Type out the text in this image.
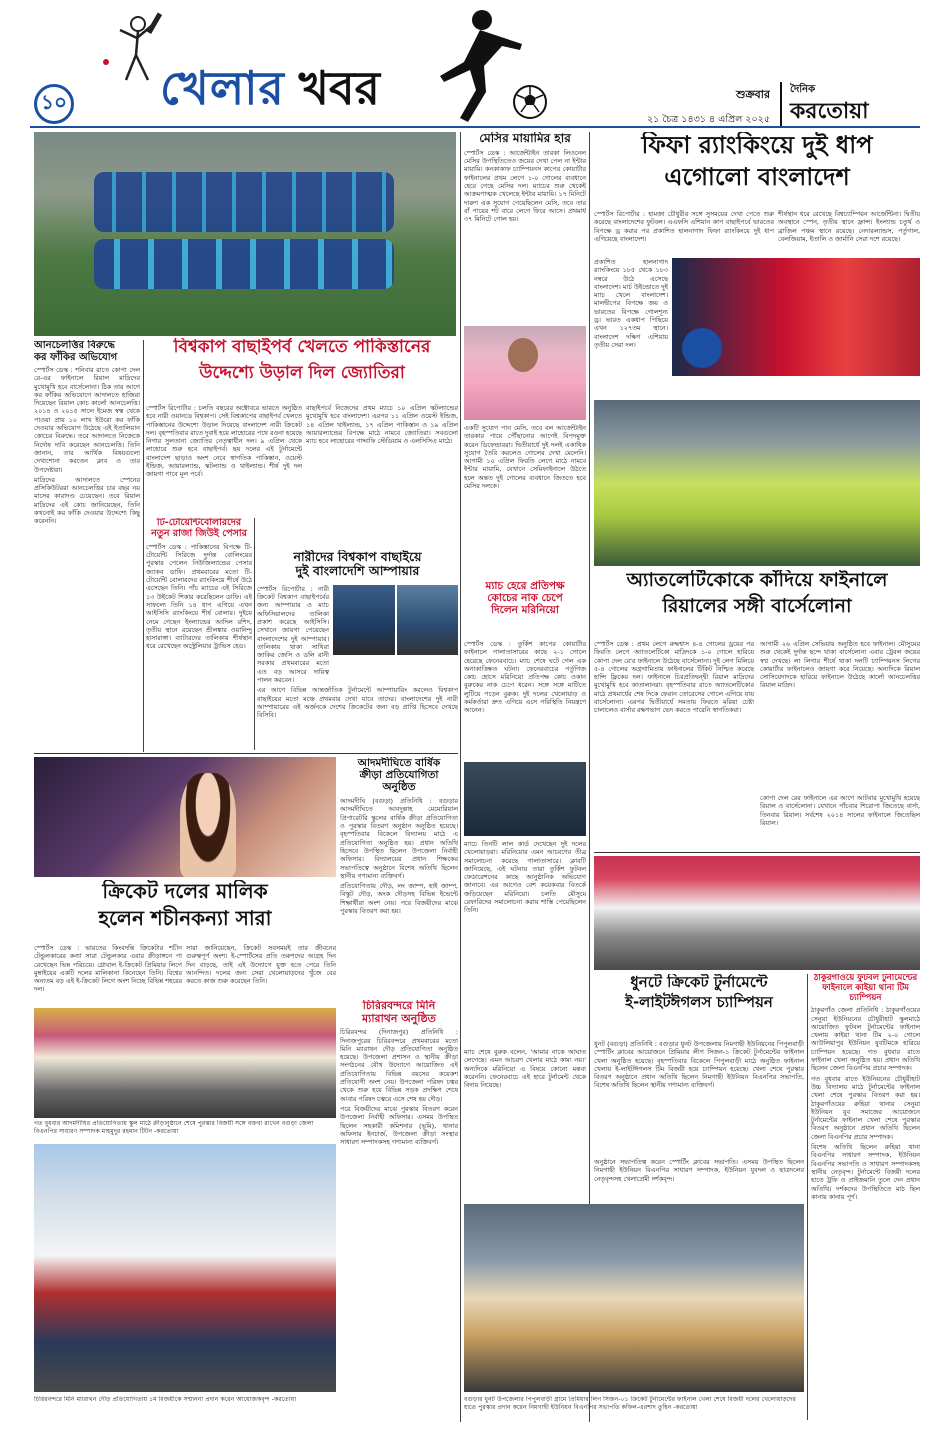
১০ খেলার খবর	শুক্রবার
২১ চৈত্র ১৪৩১ ৪ এপ্রিল ২০২৫
দৈনিক
করতোয়া
আনচেলত্তির বিরুদ্ধে
কর ফাঁকির অভিযোগ
স্পোর্টস ডেস্ক : শনিবার রাতে কোপা দেল রে-এর ফাইনালে রিয়াল মাদ্রিদের মুখোমুখি হবে বার্সেলোনা। ঠিক তার আগে কর ফাঁকির অভিযোগে আদালতে হাজিরা দিয়েছেন রিয়াল কোচ কার্লো আনচেলত্তি। ২০১৪ ও ২০১৫ সালে ইমেজ স্বত্ব থেকে পাওয়া প্রায় ১০ লাখ ইউরো কর ফাঁকি দেওয়ার অভিযোগ উঠেছে এই ইতালিয়ান কোচের বিরুদ্ধে। তবে আদালতে নিজেকে নির্দোষ দাবি করেছেন আনচেলত্তি। তিনি জানান, তার আর্থিক বিষয়গুলো দেখাশোনা করতেন ক্লাব ও তার উপদেষ্টারা।
মাদ্রিদের আদালতে স্পেনের প্রসিকিউটররা আনচেলত্তির চার বছর নয় মাসের কারাদণ্ড চেয়েছেন। তবে রিয়াল মাদ্রিদের এই কোচ জানিয়েছেন, তিনি কখনোই কর ফাঁকি দেওয়ার উদ্দেশ্যে কিছু করেননি।
বিশ্বকাপ বাছাইপর্ব খেলতে পাকিস্তানের
উদ্দেশ্যে উড়াল দিল জ্যোতিরা
স্পোর্টস রিপোর্টার : চলতি বছরের অক্টোবরে ভারতে অনুষ্ঠিত হবে নারী ওয়ানডে বিশ্বকাপ। সেই বিশ্বকাপের বাছাইপর্ব খেলতে পাকিস্তানের উদ্দেশ্যে উড়াল দিয়েছে বাংলাদেশ নারী ক্রিকেট দল। বৃহস্পতিবার রাতে দুবাই হয়ে লাহোরের পথে রওনা হয়েছে নিগার সুলতানা জ্যোতির নেতৃত্বাধীন দল। ৯ এপ্রিল থেকে লাহোরে শুরু হবে বাছাইপর্ব। ছয় দলের এই টুর্নামেন্টে বাংলাদেশ ছাড়াও অংশ নেবে স্বাগতিক পাকিস্তান, ওয়েস্ট ইন্ডিজ, আয়ারল্যান্ড, স্কটল্যান্ড ও থাইল্যান্ড। শীর্ষ দুই দল জায়গা পাবে মূল পর্বে।
বাছাইপর্বে নিজেদের প্রথম ম্যাচে ১০ এপ্রিল স্কটল্যান্ডের মুখোমুখি হবে বাংলাদেশ। এরপর ১১ এপ্রিল ওয়েস্ট ইন্ডিজ, ১৪ এপ্রিল থাইল্যান্ড, ১৭ এপ্রিল পাকিস্তান ও ১৯ এপ্রিল আয়ারল্যান্ডের বিপক্ষে মাঠে নামবে জ্যোতিরা। সবগুলো ম্যাচ হবে লাহোরের গাদ্দাফি স্টেডিয়াম ও এলসিসিএ মাঠে।
টি-টোয়েন্টিবোলারদের
নতুন রাজা জিউই পেসার
স্পোর্টস ডেস্ক : পাকিস্তানের বিপক্ষে টি-টোয়েন্টি সিরিজে দুর্দান্ত বোলিংয়ের পুরস্কার পেলেন নিউজিল্যান্ডের পেসার জ্যাকব ডাফি। প্রথমবারের মতো টি-টোয়েন্টি বোলারদের র‍্যাংকিংয়ে শীর্ষে উঠে এসেছেন তিনি। পাঁচ ম্যাচের এই সিরিজে ১৩ উইকেট শিকার করেছিলেন ডাফি। এই সাফল্যে তিনি ১৪ ধাপ এগিয়ে এখন আইসিসি র‍্যাংকিংয়ে শীর্ষ বোলার। দুইয়ে নেমে গেছেন ইংল্যান্ডের আদিল রশিদ, তৃতীয় স্থানে রয়েছেন শ্রীলঙ্কার ওয়ানিন্দু হাসারাঙ্গা। ব্যাটারদের তালিকায় শীর্ষস্থান ধরে রেখেছেন অস্ট্রেলিয়ার ট্রাভিস হেড।
নারীদের বিশ্বকাপ বাছাইয়ে
দুই বাংলাদেশি আম্পায়ার
স্পোর্টস রিপোর্টার : নারী ক্রিকেট বিশ্বকাপ বাছাইপর্বের জন্য আম্পায়ার ও ম্যাচ অফিসিয়ালদের তালিকা প্রকাশ করেছে আইসিসি। সেখানে জায়গা পেয়েছেন বাংলাদেশের দুই আম্পায়ার। তালিকায় থাকা সাথিরা জাকির জেসি ও ডলি রানী সরকার প্রথমবারের মতো এত বড় আসরে দায়িত্ব পালন করবেন।
এর আগে বিভিন্ন আন্তর্জাতিক টুর্নামেন্টে আম্পায়ারিং করলেও বিশ্বকাপ বাছাইয়ের মতো মঞ্চে প্রথমবার দেখা যাবে তাদের। বাংলাদেশের দুই নারী আম্পায়ারের এই অর্জনকে দেশের ক্রিকেটের জন্য বড় প্রাপ্তি হিসেবে দেখছে বিসিবি।
আদমদীঘিতে বার্ষিক
ক্রীড়া প্রতিযোগিতা
অনুষ্ঠিত
আদমদীঘি (বগুড়া) প্রতিনিধি : বগুড়ার আদমদীঘিতে আবদুল্লাহ মেমোরিয়াল প্রিপারেটরি স্কুলের বার্ষিক ক্রীড়া প্রতিযোগিতা ও পুরস্কার বিতরণ অনুষ্ঠান অনুষ্ঠিত হয়েছে। বৃহস্পতিবার বিকেলে বিদ্যালয় মাঠে এ প্রতিযোগিতা অনুষ্ঠিত হয়। প্রধান অতিথি হিসেবে উপস্থিত ছিলেন উপজেলা নির্বাহী অফিসার। বিদ্যালয়ের প্রধান শিক্ষকের সভাপতিত্বে অনুষ্ঠানে বিশেষ অতিথি ছিলেন স্থানীয় গণ্যমান্য ব্যক্তিবর্গ।
প্রতিযোগিতায় দৌড়, লং জাম্প, হাই জাম্প, বিস্কুট দৌড়, অংক দৌড়সহ বিভিন্ন ইভেন্টে শিক্ষার্থীরা অংশ নেয়। পরে বিজয়ীদের মাঝে পুরস্কার বিতরণ করা হয়।
ক্রিকেট দলের মালিক
হলেন শচীনকন্যা সারা
স্পোর্টস ডেস্ক : ভারতের কিংবদন্তি ক্রিকেটার শচীন টেন্ডুলকারের কন্যা সারা টেন্ডুলকার এবার ক্রীড়াঙ্গনে পা রেখেছেন ভিন্ন পরিচয়ে। গ্লোবাল ই-ক্রিকেট প্রিমিয়ার লিগে মুম্বাইয়ের একটি দলের মালিকানা কিনেছেন তিনি। বিশ্বের অন্যতম বড় এই ই-ক্রিকেট লিগে অংশ নিচ্ছে বিভিন্ন শহরের দল।
সারা জানিয়েছেন, ক্রিকেট সবসময়ই তার জীবনের গুরুত্বপূর্ণ অংশ। ই-স্পোর্টসের প্রতি তরুণদের আগ্রহ দিন দিন বাড়ছে, তাই এই উদ্যোগে যুক্ত হতে পেরে তিনি আনন্দিত। দলের জন্য সেরা খেলোয়াড়দের খুঁজে বের করতে কাজ শুরু করেছেন তিনি।
চিরিরবন্দরে মিনি
ম্যারাথন অনুষ্ঠিত
চিরিরবন্দর (দিনাজপুর) প্রতিনিধি : দিনাজপুরের চিরিরবন্দরে প্রথমবারের মতো মিনি ম্যারাথন দৌড় প্রতিযোগিতা অনুষ্ঠিত হয়েছে। উপজেলা প্রশাসন ও স্থানীয় ক্রীড়া সংগঠনের যৌথ উদ্যোগে আয়োজিত এই প্রতিযোগিতায় বিভিন্ন বয়সের কয়েকশ প্রতিযোগী অংশ নেয়। উপজেলা পরিষদ চত্বর থেকে শুরু হয়ে বিভিন্ন সড়ক প্রদক্ষিণ শেষে আবার পরিষদ চত্বরে এসে শেষ হয় দৌড়।
পরে বিজয়ীদের মাঝে পুরস্কার বিতরণ করেন উপজেলা নির্বাহী অফিসার। এসময় উপস্থিত ছিলেন সহকারী কমিশনার (ভূমি), থানার অফিসার ইনচার্জ, উপজেলা ক্রীড়া সংস্থার সাধারণ সম্পাদকসহ গণ্যমান্য ব্যক্তিবর্গ।
গত বুধবার আদমদীঘির প্রতিযোগিতায় স্কুল মাঠে ক্রীড়ানুষ্ঠানে শেষে পুরস্কার বিজয়ী সঙ্গে বক্তব্য রাখেন বগুড়া জেলা বিএনপির সাধারণ সম্পাদক মাহমুদুর রহমান টিটন -করতোয়া
চিরিরবন্দরে মিনি ম্যারাথন দৌড় প্রতিযোগিতায় ১ম বিজয়ীকে সম্মাননা প্রদান করেন আয়োজকবৃন্দ -করতোয়া
মেসির মায়ামির হার
স্পোর্টস ডেস্ক : আর্জেন্টাইন তারকা লিওনেল মেসির উপস্থিতিতেও জয়ের দেখা পেল না ইন্টার মায়ামি। কনকাকাফ চ্যাম্পিয়নস কাপের কোয়ার্টার ফাইনালের প্রথম লেগে ১-০ গোলের ব্যবধানে হেরে গেছে মেসির দল। ম্যাচের শুরু থেকেই আক্রমণাত্মক খেলেছে ইন্টার মায়ামি। ১৭ মিনিটে দারুণ এক সুযোগ পেয়েছিলেন মেসি, তবে তার বাঁ পায়ের শট বারে লেগে ফিরে আসে। প্রথমার্ধ ৩৭ মিনিটে গোল হয়।
একটি সুযোগ পান মেসি, তবে বল আর্জেন্টাইন তারকার পায়ে পৌঁছানোর আগেই বিপদমুক্ত করেন ডিফেন্ডাররা। দ্বিতীয়ার্ধে দুই দলই একাধিক সুযোগ তৈরি করলেও গোলের দেখা মেলেনি। আগামী ১০ এপ্রিল ফিরতি লেগে মাঠে নামবে ইন্টার মায়ামি, যেখানে সেমিফাইনালে উঠতে হলে অন্তত দুই গোলের ব্যবধানে জিততে হবে মেসির দলকে।
ম্যাচ হেরে প্রতিপক্ষ
কোচের নাক চেপে
দিলেন মরিনিয়ো
স্পোর্টস ডেস্ক : তুর্কিশ কাপের কোয়ার্টার ফাইনালে গালাতাসারের কাছে ২-১ গোলে হেরেছে ফেনেরবাচে। ম্যাচ শেষে ঘটে গেল এক অনাকাঙ্ক্ষিত ঘটনা। ফেনেরবাচের পর্তুগিজ কোচ হোসে মরিনিয়ো প্রতিপক্ষ কোচ ওকান বুরুকের নাক চেপে ধরেন। সঙ্গে সঙ্গে মাটিতে লুটিয়ে পড়েন বুরুক। দুই দলের খেলোয়াড় ও কর্মকর্তারা দ্রুত এগিয়ে এসে পরিস্থিতি নিয়ন্ত্রণে আনেন।
ম্যাচে তিনটি লাল কার্ড দেখেছেন দুই দলের খেলোয়াড়রা। মরিনিয়োর এমন আচরণের তীব্র সমালোচনা করেছে গালাতাসারে। ক্লাবটি জানিয়েছে, এই ঘটনায় তারা তুর্কিশ ফুটবল ফেডারেশনের কাছে আনুষ্ঠানিক অভিযোগ জানাবে। এর আগেও বেশ কয়েকবার বিতর্কে জড়িয়েছেন মরিনিয়ো। চলতি মৌসুমে রেফারিদের সমালোচনা করায় শাস্তি পেয়েছিলেন তিনি।
ম্যাচ শেষে বুরুক বলেন, 'আমার নাকে আঘাত লেগেছে। এমন আচরণ খেলার মাঠে কাম্য নয়।' অন্যদিকে মরিনিয়ো এ বিষয়ে কোনো মন্তব্য করেননি। ফেনেরবাচে এই হারে টুর্নামেন্ট থেকে বিদায় নিয়েছে।
ফিফা র‍্যাংকিংয়ে দুই ধাপ
এগোলো বাংলাদেশ
স্পোর্টস রিপোর্টার : হামজা চৌধুরীর সঙ্গে সুসময়ের দেখা পেতে শুরু করেছে বাংলাদেশের ফুটবল। এএফসি এশিয়ান কাপ বাছাইপর্বে ভারতের বিপক্ষে ড্র করার পর প্রকাশিত হালনাগাদ ফিফা র‍্যাংকিংয়ে দুই ধাপ এগিয়েছে বাংলাদেশ।
প্রকাশিত হালনাগাদ র‍্যাংকিংয়ে ১৮৫ থেকে ১৮৩ নম্বরে উঠে এসেছে বাংলাদেশ। মার্চ উইন্ডোতে দুই ম্যাচ খেলে বাংলাদেশ। মালদ্বীপের বিপক্ষে জয় ও ভারতের বিপক্ষে গোলশূন্য ড্র। ভারত একধাপ পিছিয়ে এখন ১২৭তম স্থানে। বাংলাদেশ দক্ষিণ এশিয়ায় তৃতীয় সেরা দল।
শীর্ষস্থান ধরে রেখেছে বিশ্বচ্যাম্পিয়ন আর্জেন্টিনা। দ্বিতীয় অবস্থানে স্পেন, তৃতীয় স্থানে ফ্রান্স। ইংল্যান্ড চতুর্থ ও ব্রাজিল পঞ্চম স্থানে রয়েছে। নেদারল্যান্ডস, পর্তুগাল, বেলজিয়াম, ইতালি ও জার্মানি সেরা দশে রয়েছে।
অ্যাতলেটিকোকে কাঁদিয়ে ফাইনালে
রিয়ালের সঙ্গী বার্সেলোনা
স্পোর্টস ডেস্ক : প্রথম লেগে রুদ্ধশ্বাস ৪-৪ গোলের ড্রয়ের পর ফিরতি লেগে অ্যাতলেটিকো মাদ্রিদকে ১-০ গোলে হারিয়ে কোপা দেল রে'র ফাইনালে উঠেছে বার্সেলোনা। দুই লেগ মিলিয়ে ৫-৪ গোলের অগ্রগামিতায় ফাইনালের টিকিট নিশ্চিত করেছে হান্সি ফ্লিকের দল। ফাইনালে চিরপ্রতিদ্বন্দ্বী রিয়াল মাদ্রিদের মুখোমুখি হবে কাতালানরা। বৃহস্পতিবার রাতে অ্যাতলেটিকোর মাঠে প্রথমার্ধের শেষ দিকে ফেরান তোরেসের গোলে এগিয়ে যায় বার্সেলোনা। এরপর দ্বিতীয়ার্ধে সমতায় ফিরতে মরিয়া চেষ্টা চালালেও বার্সার রক্ষণভাগ ভেদ করতে পারেনি স্বাগতিকরা।
আগামী ২৬ এপ্রিল সেভিয়ায় অনুষ্ঠিত হবে ফাইনাল। মৌসুমের শুরু থেকেই দুর্দান্ত ছন্দে থাকা বার্সেলোনা এবার ট্রেবল জয়ের স্বপ্ন দেখছে। লা লিগার শীর্ষে থাকা দলটি চ্যাম্পিয়নস লিগের কোয়ার্টার ফাইনালেও জায়গা করে নিয়েছে। অন্যদিকে রিয়াল সোসিয়েদাদকে হারিয়ে ফাইনালে উঠেছে কার্লো আনচেলত্তির রিয়াল মাদ্রিদ।
কোপা দেল রের ফাইনালে এর আগে আটবার মুখোমুখি হয়েছে রিয়াল ও বার্সেলোনা। যেখানে পাঁচবার শিরোপা জিতেছে বার্সা, তিনবার রিয়াল। সর্বশেষ ২০১৪ সালের ফাইনালে জিতেছিল রিয়াল।
ধুনটে ক্রিকেট টুর্নামেন্টে
ই-লাইটঈগলস চ্যাম্পিয়ন
ধুনট (বগুড়া) প্রতিনিধি : বগুড়ার ধুনট উপজেলায় নিমগাছী ইউনিয়নের পিপুলবাড়ী স্পোর্টিং ক্লাবের আয়োজনে প্রিমিয়ার লীগ সিজন-১ ক্রিকেট টুর্নামেন্টের ফাইনাল খেলা অনুষ্ঠিত হয়েছে। বৃহস্পতিবার বিকেলে পিপুলবাড়ী মাঠে অনুষ্ঠিত ফাইনাল খেলায় ই-লাইটঈগলস টিম বিজয়ী হয়ে চ্যাম্পিয়ন হয়েছে। খেলা শেষে পুরস্কার বিতরণ অনুষ্ঠানে প্রধান অতিথি ছিলেন নিমগাছী ইউনিয়ন বিএনপির সভাপতি, বিশেষ অতিথি ছিলেন স্থানীয় গণ্যমান্য ব্যক্তিবর্গ।
অনুষ্ঠানে সভাপতিত্ব করেন স্পোর্টিং ক্লাবের সভাপতি। এসময় উপস্থিত ছিলেন নিমগাছী ইউনিয়ন বিএনপির সাধারণ সম্পাদক, ইউনিয়ন যুবদল ও ছাত্রদলের নেতৃবৃন্দসহ খেলাপ্রেমী দর্শকবৃন্দ।
বগুড়ার ধুনট উপজেলার পিপুলবাড়ী গ্রামে প্রিমিয়ার লিগ সিজন-০১ ক্রিকেট টুর্নামেন্টের ফাইনাল খেলা শেষে বিজয়ী দলের খেলোয়াড়দের হাতে পুরস্কার প্রদান করেন নিমগাছী ইউনিয়ন বিএনপির সভাপতি কফিল-এরশাদ তুহিন -করতোয়া
ঠাকুরগাঁওয়ে ফুটবল টুর্নামেন্টের
ফাইনালে কাইয়া থানা টিম
চ্যাম্পিয়ন
ঠাকুরগাঁও জেলা প্রতিনিধি : ঠাকুরগাঁওয়ের সেনুয়া ইউনিয়নের চৌধুরীহাট স্কুলমাঠে আয়োজিত ফুটবল টুর্নামেন্টের ফাইনাল খেলায় কাইয়া থানা টিম ২-০ গোলে আউলিয়াপুর ইউনিয়ন যুবটিমকে হারিয়ে চ্যাম্পিয়ন হয়েছে। গত বুধবার রাতে ফাইনাল খেলা অনুষ্ঠিত হয়। প্রধান অতিথি ছিলেন জেলা বিএনপির প্রচার সম্পাদক।
গত বুধবার রাতে ইউনিয়নের চৌধুরীহাট উচ্চ বিদ্যালয় মাঠে টুর্নামেন্টের ফাইনাল খেলা শেষে পুরস্কার বিতরণ করা হয়। ঠাকুরগাঁওয়ের রুহিয়া থানার সেনুয়া ইউনিয়ন যুব সমাজের আয়োজনে টুর্নামেন্টের ফাইনাল খেলা শেষে পুরস্কার বিতরণ অনুষ্ঠানে প্রধান অতিথি ছিলেন জেলা বিএনপির প্রচার সম্পাদক।
বিশেষ অতিথি ছিলেন রুহিয়া থানা বিএনপির সাধারণ সম্পাদক, ইউনিয়ন বিএনপির সভাপতি ও সাধারণ সম্পাদকসহ স্থানীয় নেতৃবৃন্দ। টুর্নামেন্টে বিজয়ী দলের হাতে ট্রফি ও প্রাইজমানি তুলে দেন প্রধান অতিথি। দর্শকদের উপস্থিতিতে মাঠ ছিল কানায় কানায় পূর্ণ।
